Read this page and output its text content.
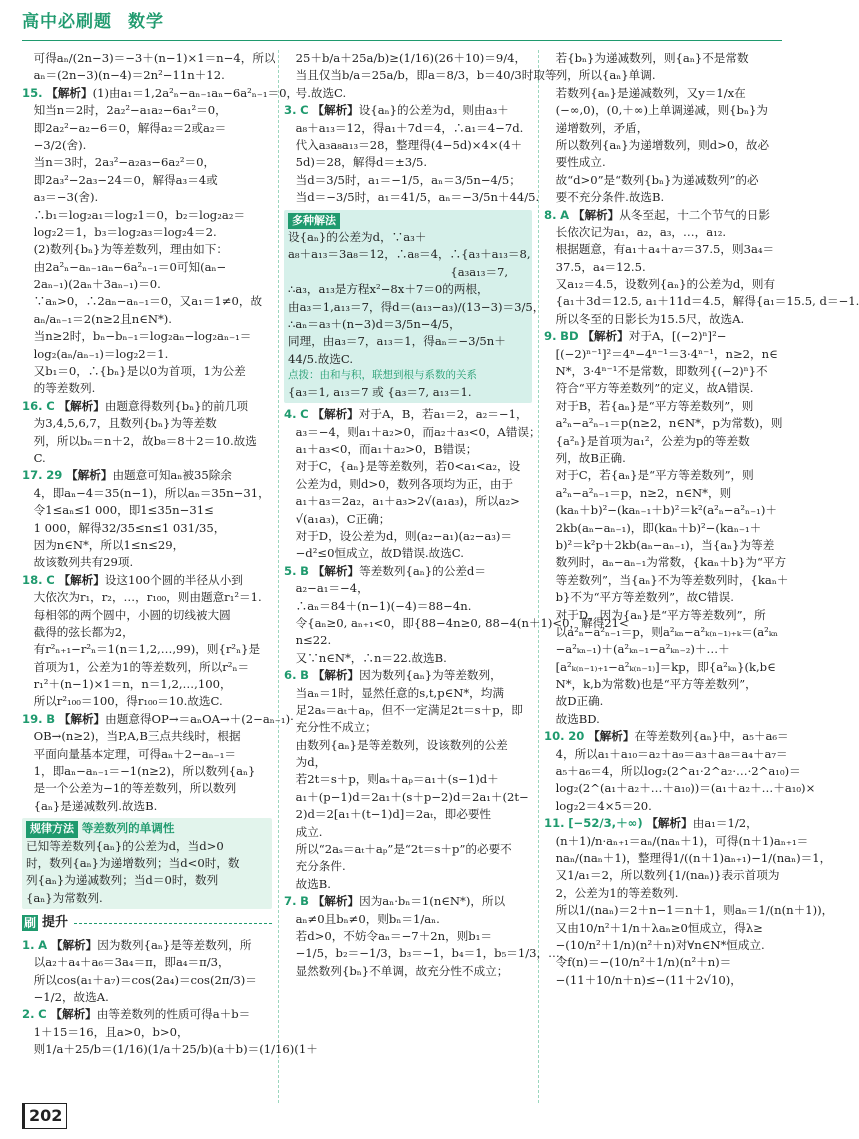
高中必刷题 数学
　可得aₙ/(2n−3)＝−3＋(n−1)×1＝n−4，所以
　aₙ＝(2n−3)(n−4)＝2n²−11n＋12.
15. 【解析】(1)由a₁＝1,2a²ₙ−aₙ₋₁aₙ−6a²ₙ₋₁＝0，
　知当n＝2时，2a₂²−a₁a₂−6a₁²＝0，
　即2a₂²−a₂−6＝0，解得a₂＝2或a₂＝
　−3/2(舍).
　当n＝3时，2a₃²−a₂a₃−6a₂²＝0，
　即2a₃²−2a₃−24＝0，解得a₃＝4或
　a₃＝−3(舍).
　∴b₁＝log₂a₁＝log₂1＝0，b₂＝log₂a₂＝
　log₂2＝1，b₃＝log₂a₃＝log₂4＝2.
　(2)数列{bₙ}为等差数列，理由如下：
　由2a²ₙ−aₙ₋₁aₙ−6a²ₙ₋₁＝0可知(aₙ−
　2aₙ₋₁)(2aₙ＋3aₙ₋₁)＝0.
　∵aₙ>0，∴2aₙ−aₙ₋₁＝0，又a₁＝1≠0，故
　aₙ/aₙ₋₁＝2(n≥2且n∈N*).
　当n≥2时，bₙ−bₙ₋₁＝log₂aₙ−log₂aₙ₋₁＝
　log₂(aₙ/aₙ₋₁)＝log₂2＝1.
　又b₁＝0，∴{bₙ}是以0为首项，1为公差
　的等差数列.
16. C 【解析】由题意得数列{bₙ}的前几项
　为3,4,5,6,7，且数列{bₙ}为等差数
　列，所以bₙ＝n＋2，故b₈＝8＋2＝10.故选
　C.
17. 29 【解析】由题意可知aₙ被35除余
　4，即aₙ−4＝35(n−1)，所以aₙ＝35n−31，
　令1≤aₙ≤1 000，即1≤35n−31≤
　1 000，解得32/35≤n≤1 031/35，
　因为n∈N*，所以1≤n≤29，
　故该数列共有29项.
18. C 【解析】设这100个圆的半径从小到
　大依次为r₁，r₂，…，r₁₀₀，则由题意r₁²＝1.
　每相邻的两个圆中，小圆的切线被大圆
　截得的弦长都为2，
　有r²ₙ₊₁−r²ₙ＝1(n＝1,2,…,99)，则{r²ₙ}是
　首项为1，公差为1的等差数列，所以r²ₙ＝
　r₁²＋(n−1)×1＝n，n＝1,2,…,100，
　所以r²₁₀₀＝100，得r₁₀₀＝10.故选C.
19. B 【解析】由题意得OP→＝aₙOA→＋(2−aₙ₋₁)·
　OB→(n≥2)，当P,A,B三点共线时，根据
　平面向量基本定理，可得aₙ＋2−aₙ₋₁＝
　1，即aₙ−aₙ₋₁＝−1(n≥2)，所以数列{aₙ}
　是一个公差为−1的等差数列，所以数列
　{aₙ}是递减数列.故选B.
规律方法 等差数列的单调性
已知等差数列{aₙ}的公差为d，当d>0
时，数列{aₙ}为递增数列；当d<0时，数
列{aₙ}为递减数列；当d＝0时，数列
{aₙ}为常数列.
刷 提升
1. A 【解析】因为数列{aₙ}是等差数列，所
　以a₂＋a₄＋a₆＝3a₄＝π，即a₄＝π/3，
　所以cos(a₁＋a₇)＝cos(2a₄)＝cos(2π/3)＝
　−1/2，故选A.
2. C 【解析】由等差数列的性质可得a＋b＝
　1＋15＝16，且a>0，b>0，
　则1/a＋25/b＝(1/16)(1/a＋25/b)(a＋b)＝(1/16)(1＋
　25＋b/a＋25a/b)≥(1/16)(26＋10)＝9/4，
　当且仅当b/a＝25a/b，即a＝8/3，b＝40/3时取等
　号.故选C.
3. C 【解析】设{aₙ}的公差为d，则由a₃＋
　a₈＋a₁₃＝12，得a₁＋7d＝4，∴a₁＝4−7d.
　代入a₃a₈a₁₃＝28，整理得(4−5d)×4×(4＋
　5d)＝28，解得d＝±3/5.
　当d＝3/5时，a₁＝−1/5，aₙ＝3/5n−4/5；
　当d＝−3/5时，a₁＝41/5，aₙ＝−3/5n＋44/5.
多种解法
设{aₙ}的公差为d，∵a₃＋
a₈＋a₁₃＝3a₈＝12，∴a₈＝4，∴{a₃＋a₁₃＝8,
　　　　　　　　　　　　　　{a₃a₁₃＝7,
∴a₃，a₁₃是方程x²−8x＋7＝0的两根，
由a₃＝1,a₁₃＝7，得d＝(a₁₃−a₃)/(13−3)＝3/5，
∴aₙ＝a₃＋(n−3)d＝3/5n−4/5，
同理，由a₃＝7，a₁₃＝1，得aₙ＝−3/5n＋
44/5.故选C.
点拨：由和与积，联想到根与系数的关系
{a₃＝1, a₁₃＝7 或 {a₃＝7, a₁₃＝1.
4. C 【解析】对于A，B，若a₁＝2，a₂＝−1，
　a₃＝−4，则a₁＋a₂>0，而a₂＋a₃<0，A错误；
　a₁＋a₃<0，而a₁＋a₂>0，B错误；
　对于C，{aₙ}是等差数列，若0<a₁<a₂，设
　公差为d，则d>0，数列各项均为正，由于
　a₁＋a₃＝2a₂，a₁＋a₃>2√(a₁a₃)，所以a₂>
　√(a₁a₃)，C正确；
　对于D，设公差为d，则(a₂−a₁)(a₂−a₃)＝
　−d²≤0恒成立，故D错误.故选C.
5. B 【解析】等差数列{aₙ}的公差d＝
　a₂−a₁＝−4，
　∴aₙ＝84＋(n−1)(−4)＝88−4n.
　令{aₙ≥0, aₙ₊₁<0，即{88−4n≥0, 88−4(n＋1)<0，解得21<
　n≤22.
　又∵n∈N*，∴n＝22.故选B.
6. B 【解析】因为数列{aₙ}为等差数列，
　当aₙ＝1时，显然任意的s,t,p∈N*，均满
　足2aₛ＝aₜ＋aₚ，但不一定满足2t＝s＋p，即
　充分性不成立；
　由数列{aₙ}是等差数列，设该数列的公差
　为d，
　若2t＝s＋p，则aₛ＋aₚ＝a₁＋(s−1)d＋
　a₁＋(p−1)d＝2a₁＋(s＋p−2)d＝2a₁＋(2t−
　2)d＝2[a₁＋(t−1)d]＝2aₜ，即必要性
　成立.
　所以“2aₛ＝aₜ＋aₚ”是“2t＝s＋p”的必要不
　充分条件.
　故选B.
7. B 【解析】因为aₙ·bₙ＝1(n∈N*)，所以
　aₙ≠0且bₙ≠0，则bₙ＝1/aₙ.
　若d>0，不妨令aₙ＝−7＋2n，则b₁＝
　−1/5，b₂＝−1/3，b₃＝−1，b₄＝1，b₅＝1/3，…，
　显然数列{bₙ}不单调，故充分性不成立；
　若{bₙ}为递减数列，则{aₙ}不是常数
　列，所以{aₙ}单调.
　若数列{aₙ}是递减数列，又y＝1/x在
　(−∞,0)，(0,＋∞)上单调递减，则{bₙ}为
　递增数列，矛盾，
　所以数列{aₙ}为递增数列，则d>0，故必
　要性成立.
　故“d>0”是“数列{bₙ}为递减数列”的必
　要不充分条件.故选B.
8. A 【解析】从冬至起，十二个节气的日影
　长依次记为a₁，a₂，a₃，…，a₁₂.
　根据题意，有a₁＋a₄＋a₇＝37.5，则3a₄＝
　37.5，a₄＝12.5.
　又a₁₂＝4.5，设数列{aₙ}的公差为d，则有
　{a₁＋3d＝12.5, a₁＋11d＝4.5，解得{a₁＝15.5, d＝−1.
　所以冬至的日影长为15.5尺，故选A.
9. BD 【解析】对于A，[(−2)ⁿ]²−
　[(−2)ⁿ⁻¹]²＝4ⁿ−4ⁿ⁻¹＝3·4ⁿ⁻¹，n≥2，n∈
　N*，3·4ⁿ⁻¹不是常数，即数列{(−2)ⁿ}不
　符合“平方等差数列”的定义，故A错误.
　对于B，若{aₙ}是“平方等差数列”，则
　a²ₙ−a²ₙ₋₁＝p(n≥2，n∈N*，p为常数)，则
　{a²ₙ}是首项为a₁²，公差为p的等差数
　列，故B正确.
　对于C，若{aₙ}是“平方等差数列”，则
　a²ₙ−a²ₙ₋₁＝p，n≥2，n∈N*，则
　(kaₙ＋b)²−(kaₙ₋₁＋b)²＝k²(a²ₙ−a²ₙ₋₁)＋
　2kb(aₙ−aₙ₋₁)，即(kaₙ＋b)²−(kaₙ₋₁＋
　b)²＝k²p＋2kb(aₙ−aₙ₋₁)，当{aₙ}为等差
　数列时，aₙ−aₙ₋₁为常数，{kaₙ＋b}为“平方
　等差数列”，当{aₙ}不为等差数列时，{kaₙ＋
　b}不为“平方等差数列”，故C错误.
　对于D，因为{aₙ}是“平方等差数列”，所
　以a²ₙ−a²ₙ₋₁＝p，则a²ₖₙ−a²ₖ₍ₙ₋₁₎₊ₖ＝(a²ₖₙ
　−a²ₖₙ₋₁)＋(a²ₖₙ₋₁−a²ₖₙ₋₂)＋…＋
　[a²ₖ₍ₙ₋₁₎₊₁−a²ₖ₍ₙ₋₁₎]＝kp，即{a²ₖₙ}(k,b∈
　N*，k,b为常数)也是“平方等差数列”，
　故D正确.
　故选BD.
10. 20 【解析】在等差数列{aₙ}中，a₅＋a₆＝
　4，所以a₁＋a₁₀＝a₂＋a₉＝a₃＋a₈＝a₄＋a₇＝
　a₅＋a₆＝4，所以log₂(2^a₁·2^a₂·…·2^a₁₀)＝
　log₂(2^(a₁＋a₂＋…＋a₁₀))＝(a₁＋a₂＋…＋a₁₀)×
　log₂2＝4×5＝20.
11. [−52/3,＋∞) 【解析】由a₁＝1/2，
　(n＋1)/n·aₙ₊₁＝aₙ/(naₙ＋1)，可得(n＋1)aₙ₊₁＝
　naₙ/(naₙ＋1)，整理得1/((n＋1)aₙ₊₁)−1/(naₙ)＝1，
　又1/a₁＝2，所以数列{1/(naₙ)}表示首项为
　2，公差为1的等差数列.
　所以1/(naₙ)＝2＋n−1＝n＋1，则aₙ＝1/(n(n＋1))，
　又由10/n²＋1/n＋λaₙ≥0恒成立，得λ≥
　−(10/n²＋1/n)(n²＋n)对∀n∈N*恒成立.
　令f(n)＝−(10/n²＋1/n)(n²＋n)＝
　−(11＋10/n＋n)≤−(11＋2√10)，
202
